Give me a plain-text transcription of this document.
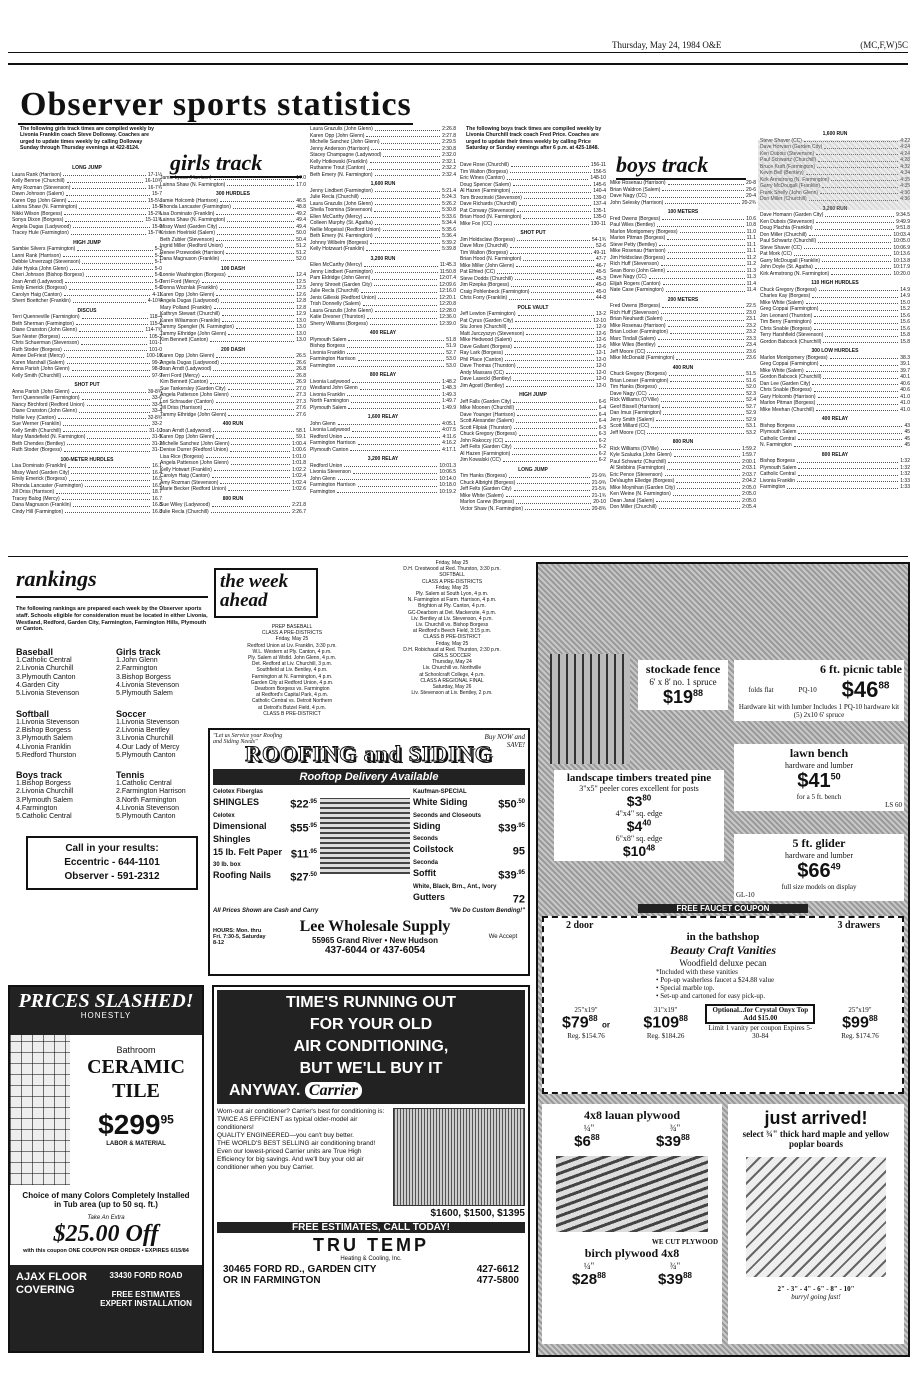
Thursday, May 24, 1984 O&E	(MC,F,W)5C
Observer sports statistics
The following girls track times are compiled weekly by Livonia Franklin coach Steve Dolloway. Coaches are urged to update times weekly by calling Dolloway Sunday through Thursday evenings at 422-8124.
girls track
LONG JUMP
Laura Rank (Harrison)	17-1½
Kelly Benroe (Churchill)	16-10¾
Amy Rozman (Stevenson)	16-7¾
Dawn Johnson (Salem)	15-7
Karen Opp (John Glenn)	15-5½
Lalnna Shaw (N. Farmington)	15-5
Nikki Wilson (Borgess)	15-2¾
Sonya Dixon (Borgess)	15-11¾
Angela Dugas (Ladywood)	15-0
Tracey Hule (Farmington)	15-7¾
HIGH JUMP
Sambie Silvers (Farmington)	5-3
Lanni Rank (Harrison)	5-2
Debbie Unverzagt (Stevenson)	5-1
Julie Hyska (John Glenn)	5-0
Cheri Johnson (Bishop Borgess)	5-0
Joan Arndt (Ladywood)	5-0
Emily Emerick (Borgess)	5-0
Carolyn Haig (Canton)	4-11
Sherri Boettcher (Franklin)	4-10¾
DISCUS
Terri Quenneville (Farmington)	118-4
Beth Sherman (Farmington)	115-6
Diane Cranston (John Glenn)	114-7¾
Sue Nester (Borgess)	105-2
Chris Schuerman (Stevenson)	101-1
Ruth Stoder (Borgess)	101-0
Aimee DeFriest (Mercy)	100-10
Karen Marshall (Salem)	99-2
Anna Parish (John Glenn)	98-8
Kelly Smith (Churchill)	97-9
SHOT PUT
Anna Parish (John Glenn)	39-8¾
Terri Quenneville (Farmington)	33-6
Nancy Birchford (Redford Union)	33-5
Diane Cranston (John Glenn)	33-4
Hollie Ivey (Canton)	32-8¾
Sue Werner (Franklin)	33-2
Kelly Smith (Churchill)	31-10
Mary Mandefield (N. Farmington)	31-5
Beth Chendes (Bentley)	31-2
Ruth Stoder (Borgess)	31-1
100-METER HURDLES
Lisa Dominato (Franklin)	16.1
Missy Ward (Garden City)	16.4
Emily Emerick (Borgess)	16.5
Rhonda Lancaster (Farmington)	16.5
Jill Driss (Harrison)	18.7
Tracey Balog (Mercy)	16.7
Dana Magnuson (Franklin)	16.8
Cindy Hill (Farmington)	16.8
Jamie Lyons (Harrison)	17.0
Lainna Shaw (N. Farmington)	17.0
300 HURDLES
Jamie Holcomb (Harrison)	46.5
Rhonda Lancaster (Farmington)	48.8
Lisa Dominato (Franklin)	49.2
Lainna Shaw (N. Farmington)	49.4
Missy Ward (Garden City)	49.4
Kristen Hoelriskl (Salem)	50.0
Beth Zubler (Stevenson)	50.4
Ingrid Miller (Redford Union)	51.2
Renee Przewodek (Harrison)	51.2
Dana Magnuson (Franklin)	52.0
100 DASH
Lonnie Washington (Borgess)	12.4
Terri Ford (Mercy)	12.5
Donna Woznlak (Franklin)	12.5
Karen Opp (John Glenn)	12.6
Angela Dugas (Ladywood)	12.8
Mary Polland (Franklin)	12.8
Kathryn Stewart (Churchill)	12.9
Karen Wiliamson (Franklin)	13.0
Tammy Spengler (N. Farmington)	13.0
Tammy Ethridge (John Glenn)	13.0
Kim Bennett (Canton)	13.0
200 DASH
Karen Opp (John Glenn)	26.5
Angela Dugas (Ladywood)	26.6
Joan Arndt (Ladywood)	26.8
Terri Ford (Mercy)	26.8
Kim Bennett (Canton)	26.9
Sue Tankersley (Garden City)	27.0
Angela Patterson (John Glenn)	27.3
Lori Schrauder (Canton)	27.3
Jill Driss (Harrison)	27.6
Tammy Ethridge (John Glenn)	27.6
400 RUN
Joan Arndt (Ladywood)	58.1
Karen Opp (John Glenn)	59.1
Michelle Sanchez (John Glenn)	1:00.4
Denise Durrer (Redford Union)	1:00.6
Lisa Rice (Borgess)	1:01.0
Angela Patterson (John Glenn)	1:01.8
Kelly Hotwart (Franklin)	1:02.2
Carolyn Haig (Canton)	1:02.4
Amy Rozman (Stevenson)	1:02.4
Marie Becker (Redford Union)	1:02.6
800 RUN
Sue Wiley (Ladywood)	2:21.8
Julie Recla (Churchill)	2:26.7
Laura Grazulis (John Glenn)	2:26.8
Karen Opp (John Glenn)	2:27.8
Michelle Sanchez (John Glenn)	2:29.5
Jenny Anderson (Harrison)	2:30.8
Stacey Champagne (Ladywood)	2:32.0
Kelly Hotkowski (Franklin)	2:32.1
Ruthanne Trout (Canton)	2:32.2
Beth Emery (N. Farmington)	2:32.4
1,600 RUN
Jenny Lindbert (Farmington)	5:21.4
Julie Recla (Churchill)	5:24.3
Laura Grazulis (John Glenn)	5:26.2
Sheila Toomina (Stevenson)	5:30.8
Ellen McCarthy (Mercy)	5:33.6
Colleen Murphy (St. Agatha)	5:34.4
Nellie Mogeissl (Redford Union)	5:35.6
Beth Emery (N. Farmington)	5:36.4
Johnny Wilbelm (Borgess)	5:39.2
Kelly Hotzwart (Franklin)	5:39.8
3,200 RUN
Ellen McCarthy (Mercy)	11:45.3
Jenny Lindbert (Farmington)	11:50.8
Pam Eldridge (John Glenn)	12:07.4
Jenny Shroeit (Garden City)	12:09.6
Julie Recla (Churchill)	12:16.0
Jenis Gilleski (Redford Union)	12:20.1
Trish Donnelly (Salem)	12:20.8
Laura Grazulis (John Glenn)	12:28.0
Katie Dresner (Thurston)	12:36.0
Sherry Williams (Borgess)	12:39.0
400 RELAY
Plymouth Salem	51.8
Bishop Borgess	51.9
Livonia Franklin	52.7
Farmington Harrison	53.0
Farmington	53.0
800 RELAY
Livonia Ladywood	1:48.2
Westland John Glenn	1:48.3
Livonia Franklin	1:49.3
North Farmington	1:49.7
Plymouth Salem	1:49.9
1,600 RELAY
John Glenn	4:05.1
Livonia Ladywood	4:07.5
Redford Union	4:11.6
Farmington Harrison	4:16.2
Plymouth Canton	4:17.1
3,200 RELAY
Redford Union	10:01.3
Livonia Stevenson	10:06.5
John Glenn	10:14.0
Farmington Harrison	10:18.0
Farmington	10:19.2
The following boys track times are compiled weekly by Livonia Churchill track coach Fred Price. Coaches are urged to update their times weekly by calling Price Saturday or Sunday evenings after 6 p.m. at 425-1848.
boys track
Dave Rose (Churchill)	156-11
Tim Walton (Borgess)	156-5
Eric Wines (Canton)	148-10
Doug Spencer (Salem)	145-6
Al Hazen (Farmington)	140-4
Tom Brzezinski (Stevenson)	139-0
Dave Richards (Churchill)	137-4
Pat Conway (Stevenson)	135-1
Brian Hood (N. Farmington)	135-0
Mike Fox (CC)	130-11
SHOT PUT
Jim Holdsclaw (Borgess)	54-1¾
Dave Mize (Churchill)	52-6
Tim Walton (Borgess)	49-11
Brian Hood (N. Farmington)	47-7
Mike Miller (John Glenn)	46-7
Pat Elfried (CC)	45-5
Steve Dodds (Churchill)	45-3
Jim Rzepka (Borgess)	45-0
Craig Pohlenbeck (Farmington)	45-0
Chris Forry (Franklin)	44-8
POLE VAULT
Jeff Lewton (Farmington)	13-2
Pat Cyrus (Garden City)	12-10
Stu Jones (Churchill)	12-9
Matt Jurczyszyn (Stevenson)	12-6
Mike Hedwood (Salem)	12-6
Dave Gallant (Borgess)	12-6
Ray Lark (Borgess)	12-1
Phil Place (Canton)	12-0
Dave Thomas (Thurston)	12-0
Andy Massara (CC)	12-0
Dave Laseckl (Bentley)	12-0
Jim Agostl (Bentley)	12-0
HIGH JUMP
Jeff Falls (Garden City)	6-6
Mike Moonen (Churchill)	6-4
Dave Younger (Harrison)	6-4
Scott Alexander (Salem)	6-4
Scott Filpiak (Thurston)	6-3
Chuck Gregory (Borgess)	6-3
John Rakoczy (CC)	6-2
Jeff Felts (Garden City)	6-2
Al Hazen (Farmington)	6-2
Jim Kowalski (CC)	6-2
LONG JUMP
Tim Hanks (Borgess)	21-9¾
Chuck Albright (Borgess)	21-9¾
Jeff Felts (Garden City)	21-5¾
Mike White (Salem)	21-1¾
Marlon Carew (Borgess)	20-10
Victor Shaw (N. Farmington)	20-8¾
Mike Rosenau (Harrison)	20-8
Brian Waldron (Salem)	20-6
Dave Nagy (CC)	20-4
John Selesky (Harrison)	20-2¾
100 METERS
Fred Owens (Borgess)	10.6
Paul Wiles (Bentley)	10.8
Marlon Montgomery (Borgess)	11.0
Marion Pitman (Borgess)	11.1
Steve Petty (Bentley)	11.1
Mike Rosenau (Harrison)	11.1
Jim Holdsclaw (Borgess)	11.2
Rich Huff (Stevenson)	11.2
Sean Bono (John Glenn)	11.3
Dave Nagy (CC)	11.3
Elijah Rogers (Canton)	11.4
Nate Case (Farmington)	11.4
200 METERS
Fred Owens (Borgess)	22.5
Rich Huff (Stevenson)	23.0
Brian Neuhardt (Salem)	23.1
Mike Rosenau (Harrison)	23.2
Brian Locker (Farmington)	23.2
Marc Tindall (Salem)	23.3
Mike Wiles (Bentley)	23.4
Jeff Moore (CC)	23.6
Mike McDonald (Farmington)	23.6
400 RUN
Chuck Gregory (Borgess)	51.5
Brian Loeser (Farmington)	51.6
Tim Hanks (Borgess)	52.0
Dave Nagy (CC)	52.3
Rick Williams (O'Ville)	52.4
Geof Bissell (Harrison)	52.7
Dan Imus (Farmington)	52.9
Jerry Smith (Salem)	52.9
Scott Millard (CC)	53.1
Jeff Moore (CC)	53.2
800 RUN
Rick Williams (O'Ville)	1:59.2
Kyle Szaluzka (John Glenn)	1:59.7
Paul Schwartz (Churchill)	2:00.1
Al Stebbins (Farmington)	2:03.1
Eric Pence (Stevenson)	2:03.7
DeVaughn Elledge (Borgess)	2:04.2
Mike Moynihan (Garden City)	2:05.0
Ken Weine (N. Farmington)	2:05.0
Dean Janal (Salem)	2:05.0
Don Miller (Churchill)	2:05.4
1,600 RUN
Steve Shaver (CC)	4:22
Dave Horvarn (Garden City)	4:24
Ken Dubois (Stevenson)	4:24
Paul Schwartz (Churchill)	4:28
Bruce Kraft (Farmington)	4:32
Kevin Bell (Bentley)	4:34
Kirk Armstrong (N. Farmington)	4:35
Garry McDougall (Franklin)	4:35
Frank Shelly (John Glenn)	4:36
Don Miller (Churchill)	4:36
3,200 RUN
Dave Homann (Garden City)	9:34.5
Ken Dubois (Stevenson)	9:49.9
Doug Plachta (Franklin)	9:51.8
Don Miller (Churchill)	10:03.4
Paul Schwartz (Churchill)	10:05.0
Steve Shaver (CC)	10:06.9
Pat Mork (CC)	10:13.6
Garry McDougall (Franklin)	10:13.8
John Doyle (St. Agatha)	10:17.9
Kirk Armstrong (N. Farmington)	10:20.0
110 HIGH HURDLES
Chuck Gregory (Borgess)	14.9
Charles Kay (Borgess)	14.9
Mike White (Salem)	15.0
Greg Coppai (Farmington)	15.2
Jon Leonard (Thurston)	15.6
Tim Berry (Farmington)	15.6
Chris Snable (Borgess)	15.6
Terry Harshfield (Stevenson)	15.8
Gordon Babcock (Churchill)	15.8
300 LOW HURDLES
Marlon Montgomery (Borgess)	38.3
Greg Coppai (Farmington)	39.1
Mike White (Salem)	39.7
Gordon Babcock (Churchill)	40.1
Dan Lee (Garden City)	40.6
Chris Snable (Borgess)	40.6
Gary Holcomb (Harrison)	41.0
Marlon Pitman (Borgess)	41.0
Mike Meehan (Churchill)	41.0
400 RELAY
Bishop Borgess	43
Plymouth Salem	45
Catholic Central	45
N. Farmington	45
800 RELAY
Bishop Borgess	1:32
Plymouth Salem	1:32
Catholic Central	1:32
Livonia Franklin	1:33
Farmington	1:33
rankings
The following rankings are prepared each week by the Observer sports staff. Schools eligible for consideration must be located in either Livonia, Westland, Redford, Garden City, Farmington, Farmington Hills, Plymouth or Canton.
Baseball
1.Catholic Central
2.Livonia Churchill
3.Plymouth Canton
4.Garden City
5.Livonia Stevenson
Softball
1.Livonia Stevenson
2.Bishop Borgess
3.Plymouth Salem
4.Livonia Franklin
5.Redford Thurston
Boys track
1.Bishop Borgess
2.Livonia Churchill
3.Plymouth Salem
4.Farmington
5.Catholic Central
Girls track
1.John Glenn
2.Farmington
3.Bishop Borgess
4.Livonia Stevenson
5.Plymouth Salem
Soccer
1.Livonia Stevenson
2.Livonia Bentley
3.Livonia Churchill
4.Our Lady of Mercy
5.Plymouth Canton
Tennis
1.Catholic Central
2.Farmington Harrison
3.North Farmington
4.Livonia Stevenson
5.Plymouth Canton
Call in your results:
Eccentric - 644-1101
Observer - 591-2312
the week ahead
PREP BASEBALL
CLASS A PRE-DISTRICTS
Friday, May 25
Redford Union at Liv. Franklin, 3:30 p.m.
W.L. Western at Ply. Canton, 4 p.m.
Ply. Salem at Wstld. John Glenn, 4 p.m.
Det. Redford at Liv. Churchill, 3 p.m.
Southfield at Liv. Bentley, 4 p.m.
Farmington at N. Farmington, 4 p.m.
Garden City at Redford Union, 4 p.m.
Dearborn Borgess vs. Farmington
at Redford's Capital Park, 4 p.m.
Catholic Central vs. Detroit Northern
at Detroit's Butzel Field, 4 p.m.
CLASS B PRE-DISTRICT
Friday, May 25
D.H. Crestwood at Red. Thurston, 3:30 p.m.
SOFTBALL
CLASS A PRE-DISTRICTS
Friday, May 25
Ply. Salem at South Lyon, 4 p.m.
N. Farmington at Farm. Harrison, 4 p.m.
Brighton at Ply. Canton, 4 p.m.
GC-Dearborn at Det. Mackenzie, 4 p.m.
Liv. Bentley at Liv. Stevenson, 4 p.m.
Liv. Churchill vs. Bishop Borgess
at Redford's Beech Field, 3:15 p.m.
CLASS B PRE-DISTRICT
Friday, May 25
D.H. Robichaud at Red. Thurston, 2:30 p.m.
GIRLS SOCCER
Thursday, May 24
Liv. Churchill vs. Northville
at Schoolcraft College, 4 p.m.
CLASS A REGIONAL FINAL
Saturday, May 26
Liv. Stevenson at Liv. Bentley, 2 p.m.
"Let us Service your Roofing and Siding Needs"
Buy NOW and SAVE!
ROOFING and SIDING
Rooftop Delivery Available
Celotex Fiberglas
SHINGLES	$\$22^{.95}$
Celotex
Dimensional Shingles
$\$55^{.95}$
15 lb. Felt Paper $\$11^{.95}$
30 lb. box
Roofing Nails $\$27^{.50}$
Kaufman-SPECIAL
White Siding	$\$50^{.50}$
Seconds and Closeouts
Siding	$\$39^{.95}$
Seconds
Coilstock	95
Seconda
Soffit	$\$39^{.95}$
White, Black, Brn., Ant., Ivory
Gutters	72
All Prices Shown are Cash and Carry	"We Do Custom Bending!"
HOURS: Mon. thru Fri. 7:30-5, Saturday 8-12
Lee Wholesale Supply
55965 Grand River • New Hudson
437-6044 or 437-6054
We Accept
PRICES SLASHED!
HONESTLY
Bathroom
CERAMIC TILE
$\$299^{95}$
LABOR & MATERIAL
Choice of many Colors Completely Installed in Tub area (up to 50 sq. ft.)
Take An Extra
$25.00 Off
with this coupon ONE COUPON PER ORDER • EXPIRES 6/15/84
AJAX FLOOR COVERING
33430 FORD ROAD
FREE ESTIMATES EXPERT INSTALLATION
TIME'S RUNNING OUT
FOR YOUR OLD
AIR CONDITIONING,
BUT WE'LL BUY IT
ANYWAY. Carrier
Worn-out air conditioner? Carrier's best for conditioning is:
TWICE AS EFFICIENT as typical older-model air conditioners!
QUALITY ENGINEERED—you can't buy better.
THE WORLD'S BEST SELLING air conditioning brand!
Even our lowest-priced Carrier units are True High Efficiency for big savings. And we'll buy your old air conditioner when you buy Carrier.
$1600, $1500, $1395
FREE ESTIMATES, CALL TODAY!
TRU TEMP
Heating & Cooling, Inc.
30465 FORD RD., GARDEN CITY
OR IN FARMINGTON
427-6612
477-5800
stockade fence
6' x 8' no. 1 spruce
$\$19^{88}$
6 ft. picnic table
folds flat	PQ-10 $\$46^{88}$
Hardware kit with lumber Includes 1 PQ-10 hardware kit (5) 2x10 6' spruce
landscape timbers treated pine
3"x5" peeler cores excellent for posts
$\$3^{80}$
4"x4" sq. edge
$\$4^{40}$
6"x8" sq. edge
$\$10^{48}$
lawn bench
hardware and lumber
$\$41^{50}$
for a 5 ft. bench
LS 60
5 ft. glider
hardware and lumber
$\$66^{49}$
full size models on display
GL-10
FREE FAUCET COUPON
2 door	3 drawers
in the bathshop
Beauty Craft Vanities
Woodfield deluxe pecan
*Included with these vanities
• Pop-up washerless faucet a $24.88 value
• Special marble top.
• Set-up and cartoned for easy pick-up.
25"x19"
$\$79^{88}$ or
Reg. $154.76
31"x19"
$\$109^{88}$
Reg. $184.26
Optional...for Crystal Onyx Top Add $15.00
Limit 1 vanity per coupon Expires 5-30-84
25"x19"
$\$99^{88}$
Reg. $174.76
4x8 lauan plywood
¼"	¾"
$\$6^{88}$	$\$39^{88}$
WE CUT PLYWOOD
birch plywood 4x8
¼"	¾"
$\$28^{88}$	$\$39^{88}$
just arrived!
select ¾" thick hard maple and yellow poplar boards
2" - 3" - 4" - 6" - 8" - 10"
burryl going fast!
